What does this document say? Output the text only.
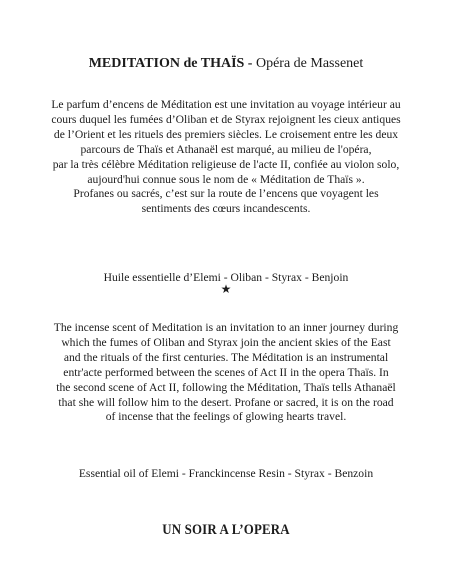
MEDITATION de THAÏS - Opéra de Massenet
Le parfum d’encens de Méditation est une invitation au voyage intérieur au
cours duquel les fumées d’Oliban et de Styrax rejoignent les cieux antiques
de l’Orient et les rituels des premiers siècles. Le croisement entre les deux
parcours de Thaïs et Athanaël est marqué, au milieu de l'opéra,
par la très célèbre Méditation religieuse de l'acte II, confiée au violon solo,
aujourd'hui connue sous le nom de « Méditation de Thaïs ».
Profanes ou sacrés, c’est sur la route de l’encens que voyagent les
sentiments des cœurs incandescents.
Huile essentielle d’Elemi - Oliban - Styrax - Benjoin
★
The incense scent of Meditation is an invitation to an inner journey during
which the fumes of Oliban and Styrax join the ancient skies of the East
and the rituals of the first centuries. The Méditation is an instrumental
entr'acte performed between the scenes of Act II in the opera Thaïs. In
the second scene of Act II, following the Méditation, Thaïs tells Athanaël
that she will follow him to the desert. Profane or sacred, it is on the road
of incense that the feelings of glowing hearts travel.
Essential oil of Elemi - Franckincense Resin - Styrax - Benzoin
UN SOIR A L’OPERA
